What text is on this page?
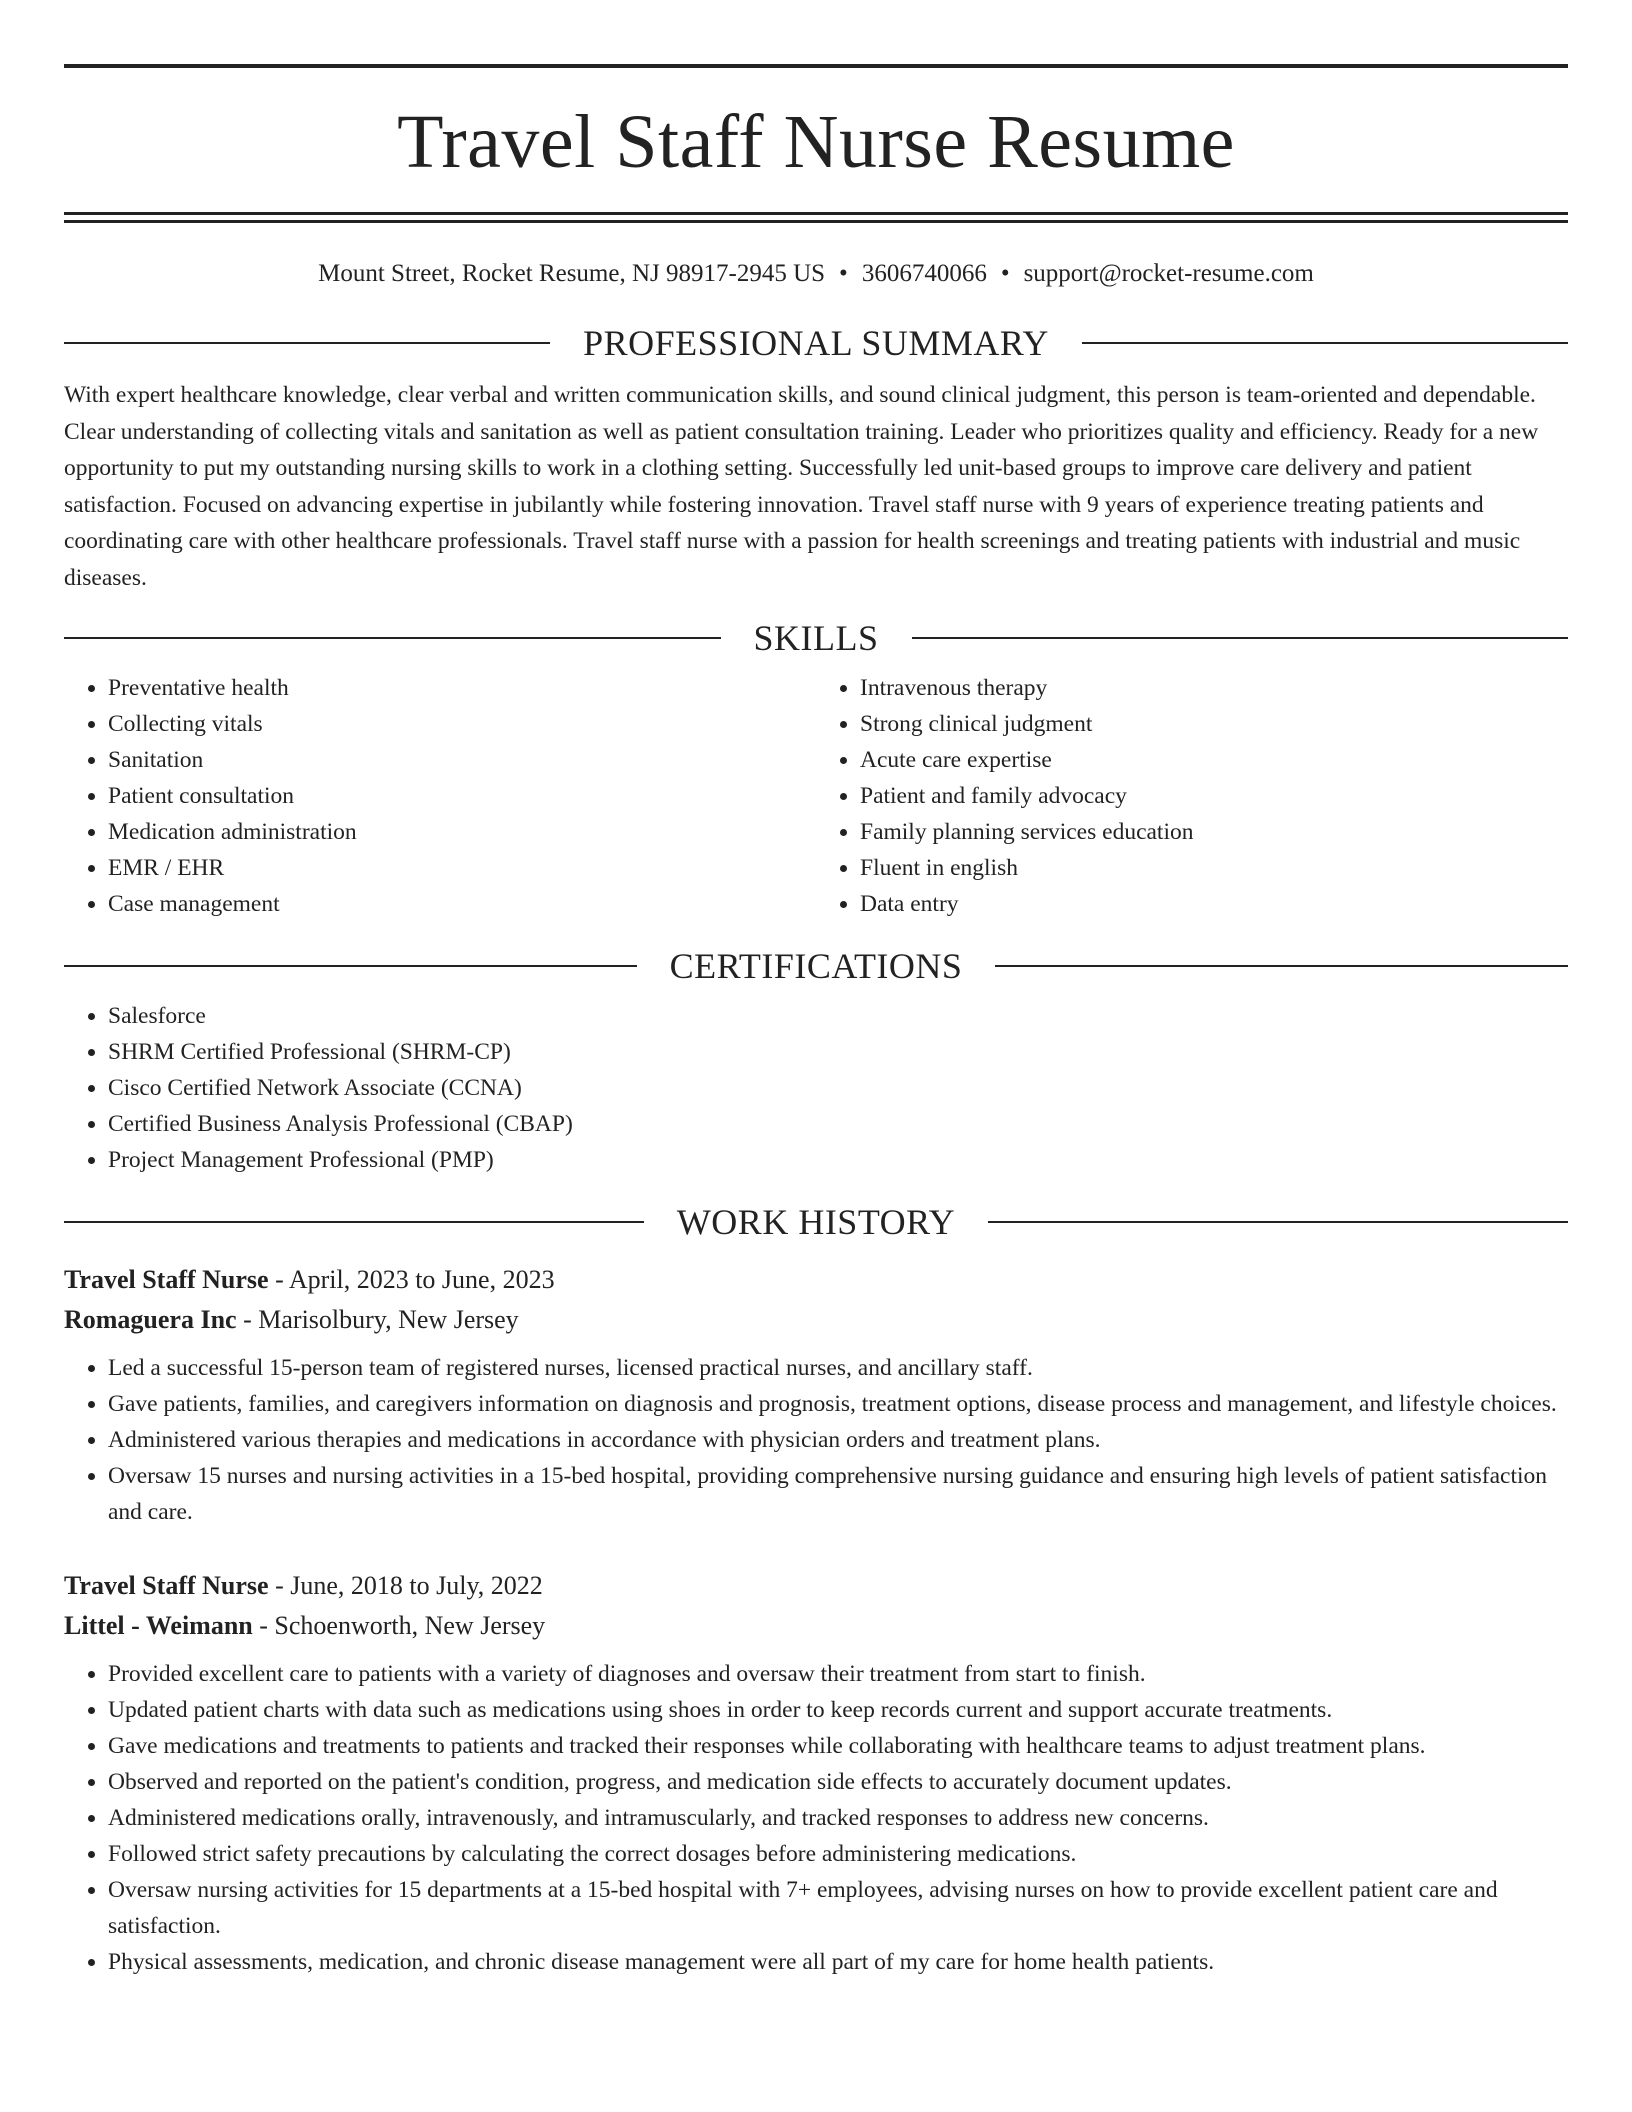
Travel Staff Nurse Resume
Mount Street, Rocket Resume, NJ 98917-2945 US • 3606740066 • support@rocket-resume.com
PROFESSIONAL SUMMARY
With expert healthcare knowledge, clear verbal and written communication skills, and sound clinical judgment, this person is team-oriented and dependable. Clear understanding of collecting vitals and sanitation as well as patient consultation training. Leader who prioritizes quality and efficiency. Ready for a new opportunity to put my outstanding nursing skills to work in a clothing setting. Successfully led unit-based groups to improve care delivery and patient satisfaction. Focused on advancing expertise in jubilantly while fostering innovation. Travel staff nurse with 9 years of experience treating patients and coordinating care with other healthcare professionals. Travel staff nurse with a passion for health screenings and treating patients with industrial and music diseases.
SKILLS
• Preventative health
• Collecting vitals
• Sanitation
• Patient consultation
• Medication administration
• EMR / EHR
• Case management
• Intravenous therapy
• Strong clinical judgment
• Acute care expertise
• Patient and family advocacy
• Family planning services education
• Fluent in english
• Data entry
CERTIFICATIONS
• Salesforce
• SHRM Certified Professional (SHRM-CP)
• Cisco Certified Network Associate (CCNA)
• Certified Business Analysis Professional (CBAP)
• Project Management Professional (PMP)
WORK HISTORY
Travel Staff Nurse - April, 2023 to June, 2023
Romaguera Inc - Marisolbury, New Jersey
• Led a successful 15-person team of registered nurses, licensed practical nurses, and ancillary staff.
• Gave patients, families, and caregivers information on diagnosis and prognosis, treatment options, disease process and management, and lifestyle choices.
• Administered various therapies and medications in accordance with physician orders and treatment plans.
• Oversaw 15 nurses and nursing activities in a 15-bed hospital, providing comprehensive nursing guidance and ensuring high levels of patient satisfaction and care.
Travel Staff Nurse - June, 2018 to July, 2022
Littel - Weimann - Schoenworth, New Jersey
• Provided excellent care to patients with a variety of diagnoses and oversaw their treatment from start to finish.
• Updated patient charts with data such as medications using shoes in order to keep records current and support accurate treatments.
• Gave medications and treatments to patients and tracked their responses while collaborating with healthcare teams to adjust treatment plans.
• Observed and reported on the patient's condition, progress, and medication side effects to accurately document updates.
• Administered medications orally, intravenously, and intramuscularly, and tracked responses to address new concerns.
• Followed strict safety precautions by calculating the correct dosages before administering medications.
• Oversaw nursing activities for 15 departments at a 15-bed hospital with 7+ employees, advising nurses on how to provide excellent patient care and satisfaction.
• Physical assessments, medication, and chronic disease management were all part of my care for home health patients.
